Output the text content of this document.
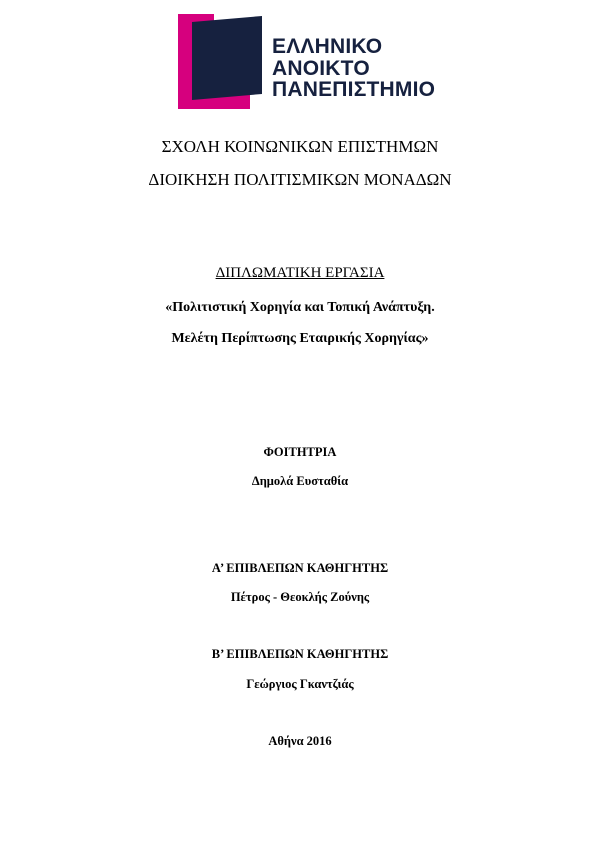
ΕΛΛΗΝΙΚΟ
ΑΝΟΙΚΤΟ
ΠΑΝΕΠΙΣΤΗΜΙΟ
ΣΧΟΛΗ ΚΟΙΝΩΝΙΚΩΝ ΕΠΙΣΤΗΜΩΝ
ΔΙΟΙΚΗΣΗ ΠΟΛΙΤΙΣΜΙΚΩΝ ΜΟΝΑΔΩΝ
ΔΙΠΛΩΜΑΤΙΚΗ ΕΡΓΑΣΙΑ
«Πολιτιστική Χορηγία και Τοπική Ανάπτυξη.
Μελέτη Περίπτωσης Εταιρικής Χορηγίας»
ΦΟΙΤΗΤΡΙΑ
Δημολά Ευσταθία
Α’ ΕΠΙΒΛΕΠΩΝ ΚΑΘΗΓΗΤΗΣ
Πέτρος - Θεοκλής Ζούνης
Β’ ΕΠΙΒΛΕΠΩΝ ΚΑΘΗΓΗΤΗΣ
Γεώργιος Γκαντζιάς
Αθήνα 2016
